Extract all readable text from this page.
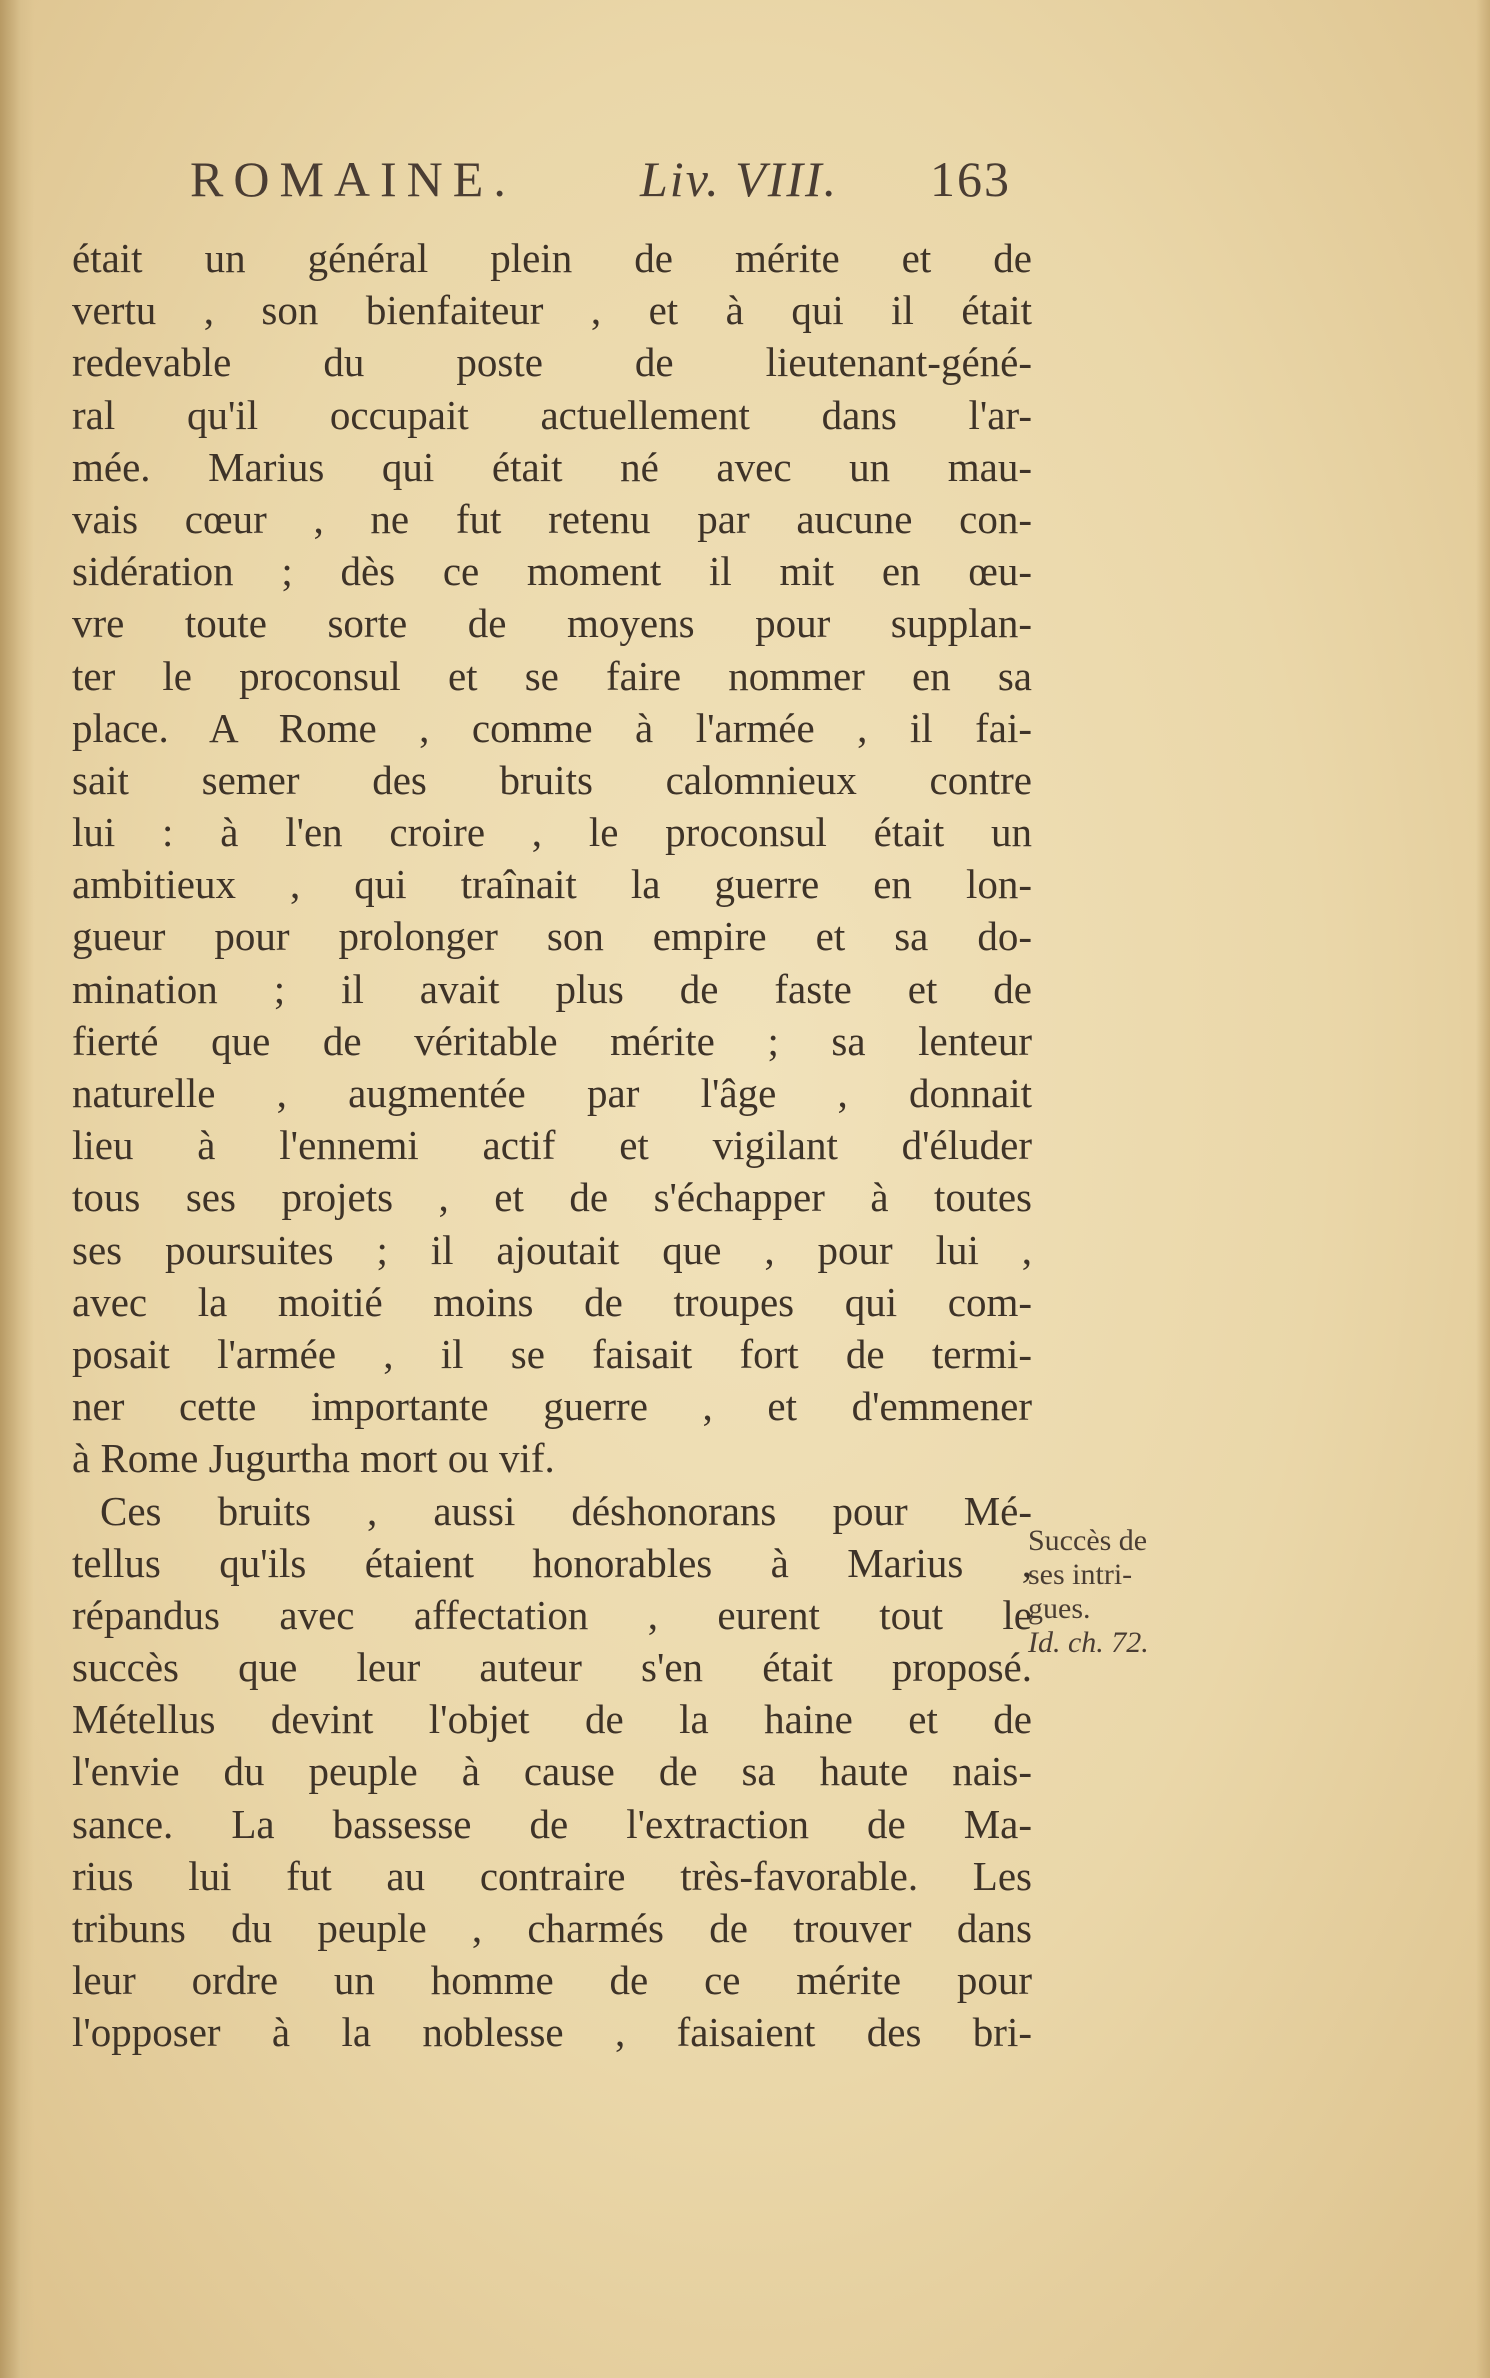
ROMAINE. Liv. VIII. 163
était un général plein de mérite et de
vertu , son bienfaiteur , et à qui il était
redevable du poste de lieutenant-géné-
ral qu'il occupait actuellement dans l'ar-
mée. Marius qui était né avec un mau-
vais cœur , ne fut retenu par aucune con-
sidération ; dès ce moment il mit en œu-
vre toute sorte de moyens pour supplan-
ter le proconsul et se faire nommer en sa
place. A Rome , comme à l'armée , il fai-
sait semer des bruits calomnieux contre
lui : à l'en croire , le proconsul était un
ambitieux , qui traînait la guerre en lon-
gueur pour prolonger son empire et sa do-
mination ; il avait plus de faste et de
fierté que de véritable mérite ; sa lenteur
naturelle , augmentée par l'âge , donnait
lieu à l'ennemi actif et vigilant d'éluder
tous ses projets , et de s'échapper à toutes
ses poursuites ; il ajoutait que , pour lui ,
avec la moitié moins de troupes qui com-
posait l'armée , il se faisait fort de termi-
ner cette importante guerre , et d'emmener
à Rome Jugurtha mort ou vif.
Ces bruits , aussi déshonorans pour Mé-
tellus qu'ils étaient honorables à Marius ,
répandus avec affectation , eurent tout le
succès que leur auteur s'en était proposé.
Métellus devint l'objet de la haine et de
l'envie du peuple à cause de sa haute nais-
sance. La bassesse de l'extraction de Ma-
rius lui fut au contraire très-favorable. Les
tribuns du peuple , charmés de trouver dans
leur ordre un homme de ce mérite pour
l'opposer à la noblesse , faisaient des bri-
Succès de
ses intri-
gues.
Id. ch. 72.
